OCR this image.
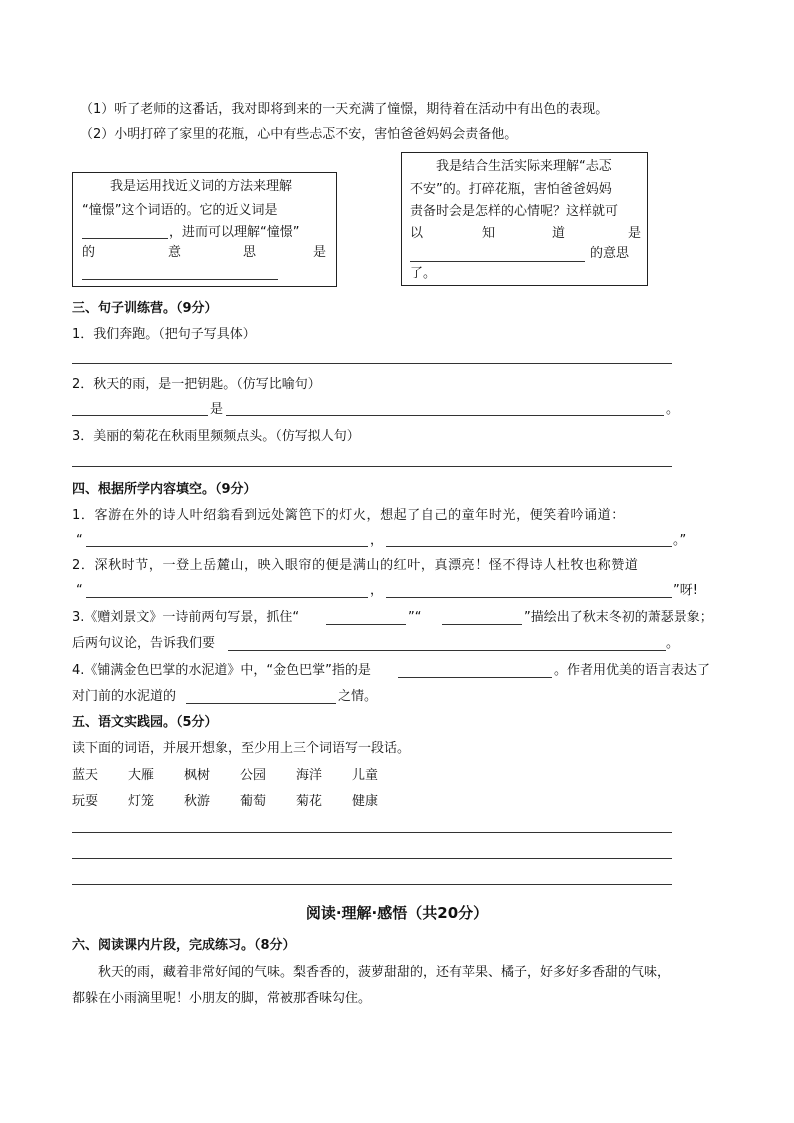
（1）听了老师的这番话，我对即将到来的一天充满了憧憬，期待着在活动中有出色的表现。
（2）小明打碎了家里的花瓶，心中有些忐忑不安，害怕爸爸妈妈会责备他。
我是运用找近义词的方法来理解
“憧憬”这个词语的。它的近义词是
，进而可以理解“憧憬”
的	意	思	是
我是结合生活实际来理解“忐忑
不安”的。打碎花瓶，害怕爸爸妈妈
责备时会是怎样的心情呢？这样就可
以	知	道	是
的意思
了。
三、句子训练营。（9分）
1．我们奔跑。（把句子写具体）
2．秋天的雨，是一把钥匙。（仿写比喻句）
是	。
3．美丽的菊花在秋雨里频频点头。（仿写拟人句）
四、根据所学内容填空。（9分）
1．客游在外的诗人叶绍翁看到远处篱笆下的灯火，想起了自己的童年时光，便笑着吟诵道：
“	，	。”
2．深秋时节，一登上岳麓山，映入眼帘的便是满山的红叶，真漂亮！怪不得诗人杜牧也称赞道
“	，	”呀!
3.《赠刘景文》一诗前两句写景，抓住“	”“	”描绘出了秋末冬初的萧瑟景象；
后两句议论，告诉我们要	。
4.《铺满金色巴掌的水泥道》中，“金色巴掌”指的是	。作者用优美的语言表达了
对门前的水泥道的	之情。
五、语文实践园。（5分）
读下面的词语，并展开想象，至少用上三个词语写一段话。
蓝天 大雁 枫树 公园 海洋 儿童
玩耍 灯笼 秋游 葡萄 菊花 健康
阅读·理解·感悟（共20分）
六、阅读课内片段，完成练习。（8分）
秋天的雨，藏着非常好闻的气味。梨香香的，菠萝甜甜的，还有苹果、橘子，好多好多香甜的气味，
都躲在小雨滴里呢！小朋友的脚，常被那香味勾住。
